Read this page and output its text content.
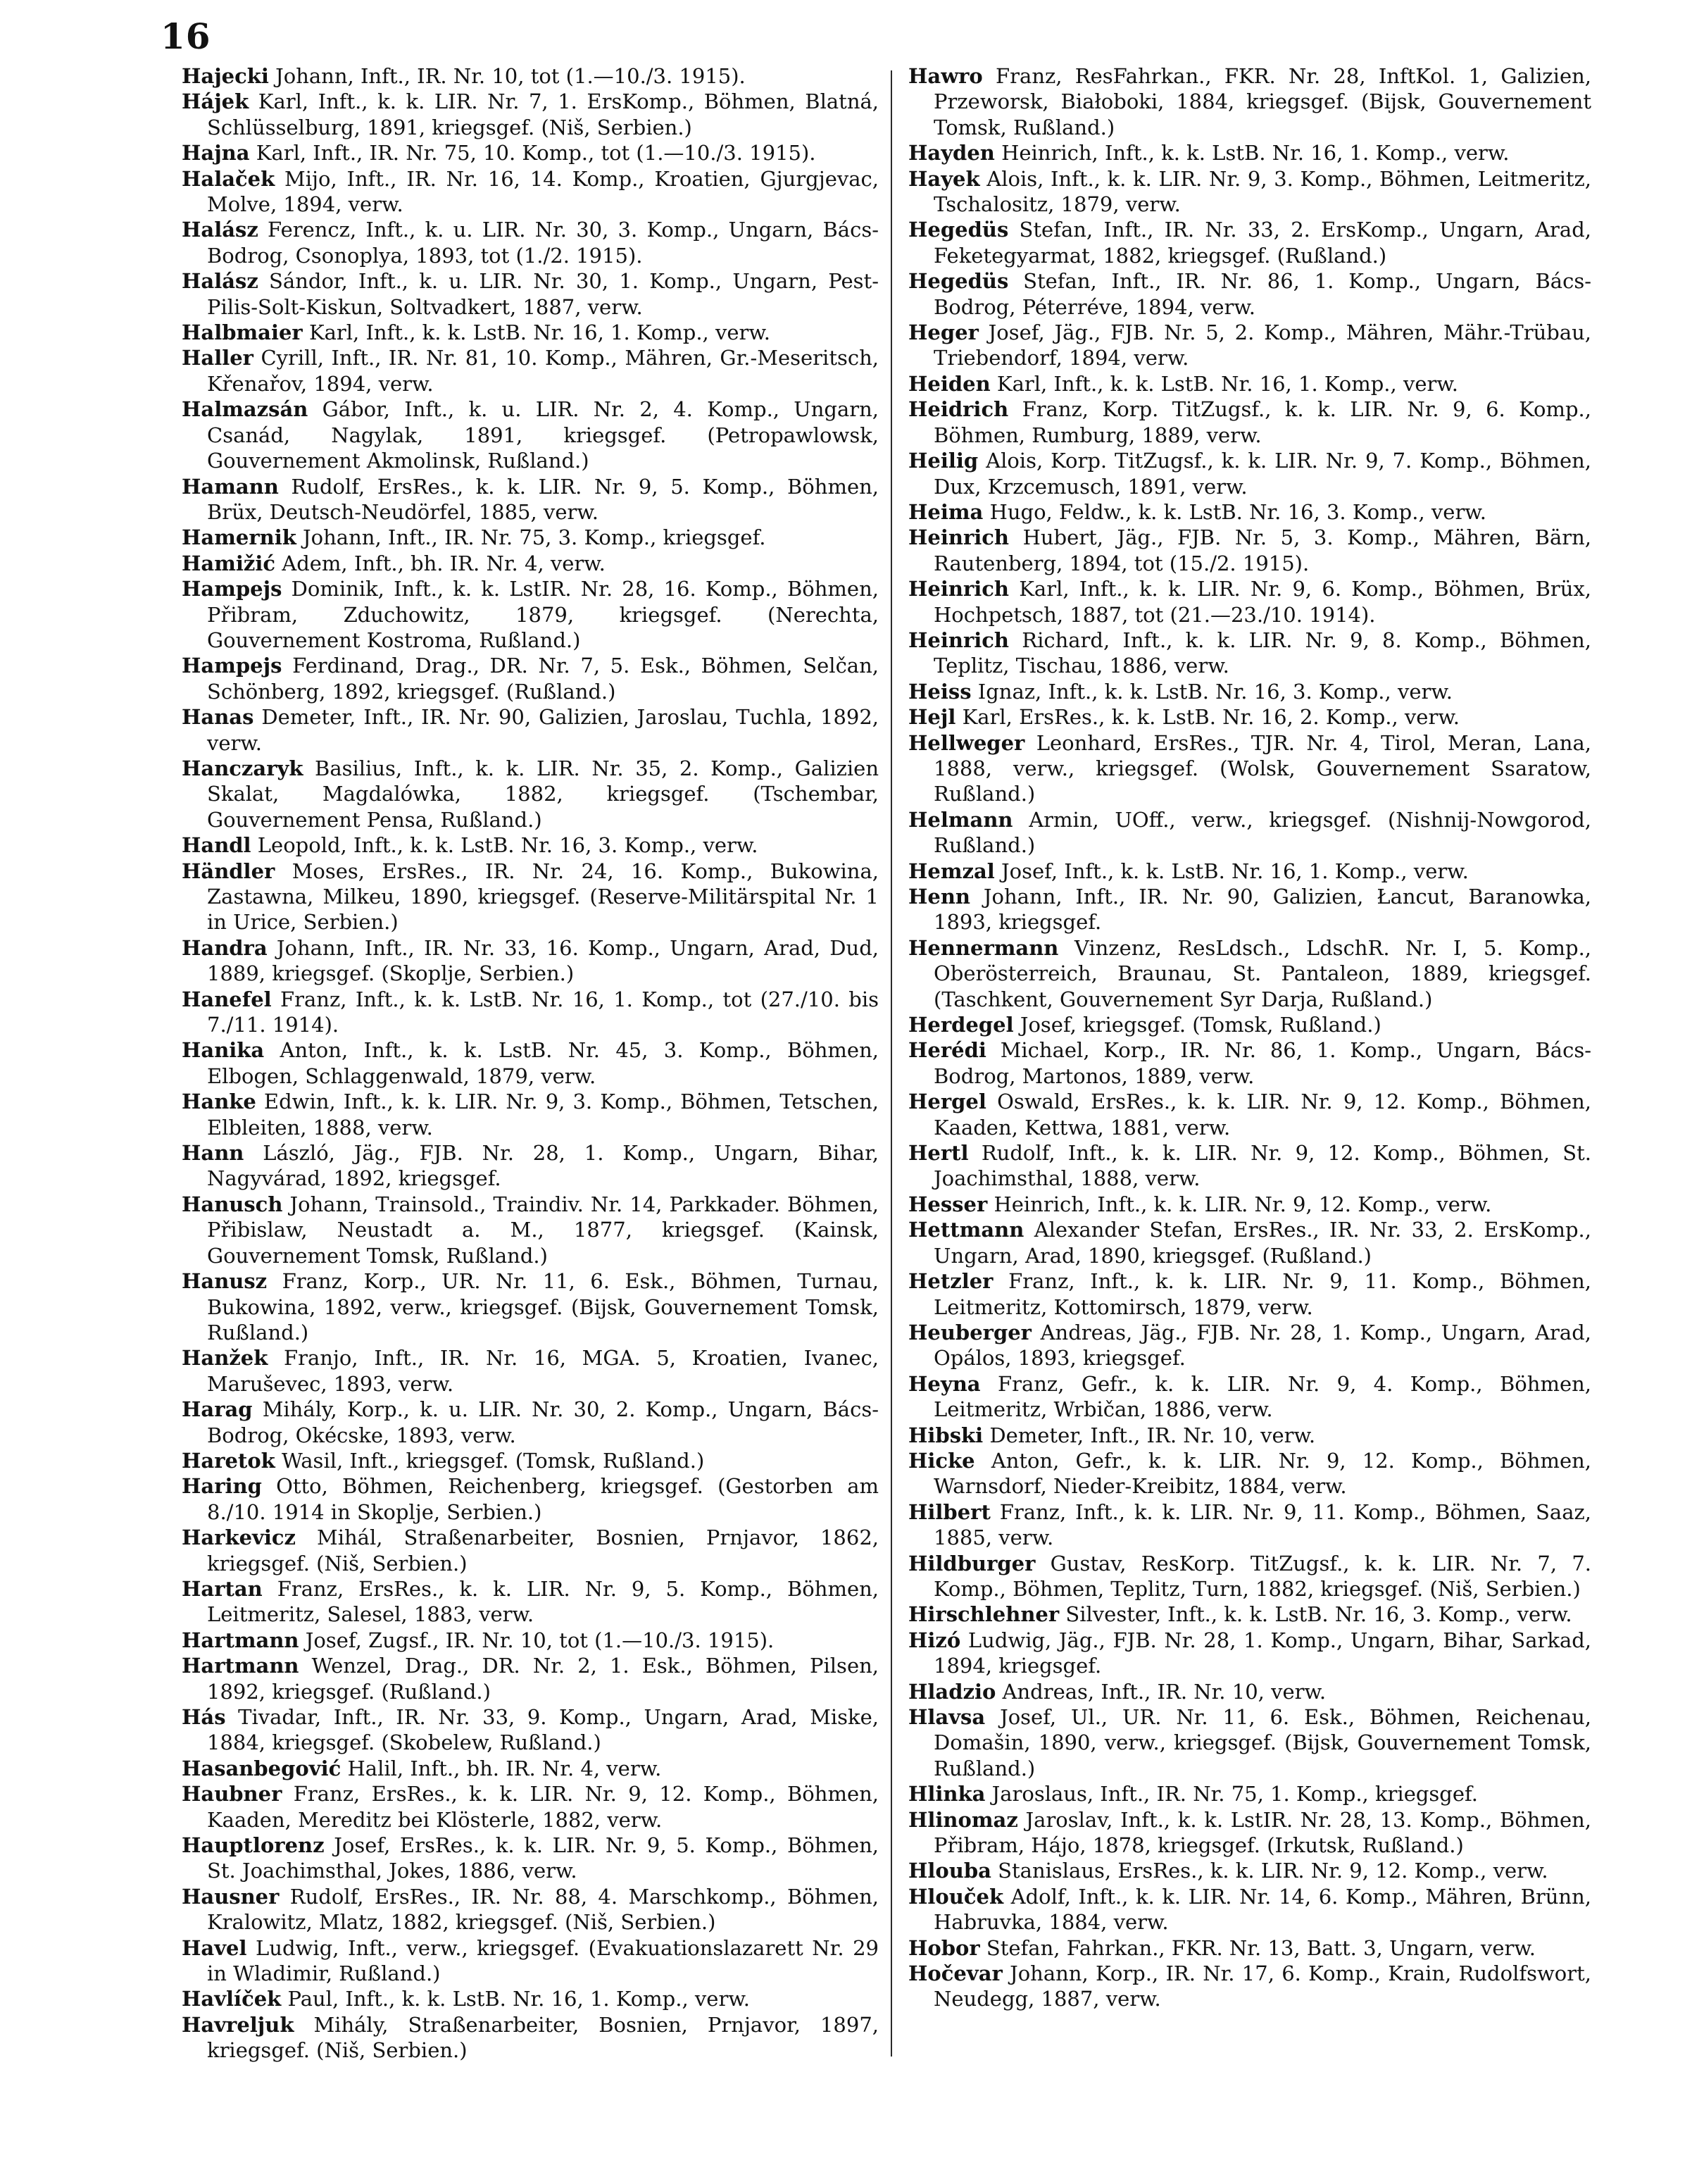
16
Hajecki Johann, Inft., IR. Nr. 10, tot (1.—10./3. 1915).
Hájek Karl, Inft., k. k. LIR. Nr. 7, 1. ErsKomp., Böhmen, Blatná, Schlüsselburg, 1891, kriegsgef. (Niš, Serbien.)
Hajna Karl, Inft., IR. Nr. 75, 10. Komp., tot (1.—10./3. 1915).
Halaček Mijo, Inft., IR. Nr. 16, 14. Komp., Kroatien, Gjurgjevac, Molve, 1894, verw.
Halász Ferencz, Inft., k. u. LIR. Nr. 30, 3. Komp., Ungarn, Bács-Bodrog, Csonoplya, 1893, tot (1./2. 1915).
Halász Sándor, Inft., k. u. LIR. Nr. 30, 1. Komp., Ungarn, Pest-Pilis-Solt-Kiskun, Soltvadkert, 1887, verw.
Halbmaier Karl, Inft., k. k. LstB. Nr. 16, 1. Komp., verw.
Haller Cyrill, Inft., IR. Nr. 81, 10. Komp., Mähren, Gr.-Meseritsch, Křenařov, 1894, verw.
Halmazsán Gábor, Inft., k. u. LIR. Nr. 2, 4. Komp., Ungarn, Csanád, Nagylak, 1891, kriegsgef. (Petropawlowsk, Gouvernement Akmolinsk, Rußland.)
Hamann Rudolf, ErsRes., k. k. LIR. Nr. 9, 5. Komp., Böhmen, Brüx, Deutsch-Neudörfel, 1885, verw.
Hamernik Johann, Inft., IR. Nr. 75, 3. Komp., kriegsgef.
Hamižić Adem, Inft., bh. IR. Nr. 4, verw.
Hampejs Dominik, Inft., k. k. LstIR. Nr. 28, 16. Komp., Böhmen, Přibram, Zduchowitz, 1879, kriegsgef. (Nerechta, Gouvernement Kostroma, Rußland.)
Hampejs Ferdinand, Drag., DR. Nr. 7, 5. Esk., Böhmen, Selčan, Schönberg, 1892, kriegsgef. (Rußland.)
Hanas Demeter, Inft., IR. Nr. 90, Galizien, Jaroslau, Tuchla, 1892, verw.
Hanczaryk Basilius, Inft., k. k. LIR. Nr. 35, 2. Komp., Galizien Skalat, Magdalówka, 1882, kriegsgef. (Tschembar, Gouvernement Pensa, Rußland.)
Handl Leopold, Inft., k. k. LstB. Nr. 16, 3. Komp., verw.
Händler Moses, ErsRes., IR. Nr. 24, 16. Komp., Bukowina, Zastawna, Milkeu, 1890, kriegsgef. (Reserve-Militärspital Nr. 1 in Urice, Serbien.)
Handra Johann, Inft., IR. Nr. 33, 16. Komp., Ungarn, Arad, Dud, 1889, kriegsgef. (Skoplje, Serbien.)
Hanefel Franz, Inft., k. k. LstB. Nr. 16, 1. Komp., tot (27./10. bis 7./11. 1914).
Hanika Anton, Inft., k. k. LstB. Nr. 45, 3. Komp., Böhmen, Elbogen, Schlaggenwald, 1879, verw.
Hanke Edwin, Inft., k. k. LIR. Nr. 9, 3. Komp., Böhmen, Tetschen, Elbleiten, 1888, verw.
Hann László, Jäg., FJB. Nr. 28, 1. Komp., Ungarn, Bihar, Nagyvárad, 1892, kriegsgef.
Hanusch Johann, Trainsold., Traindiv. Nr. 14, Parkkader. Böhmen, Přibislaw, Neustadt a. M., 1877, kriegsgef. (Kainsk, Gouvernement Tomsk, Rußland.)
Hanusz Franz, Korp., UR. Nr. 11, 6. Esk., Böhmen, Turnau, Bukowina, 1892, verw., kriegsgef. (Bijsk, Gouvernement Tomsk, Rußland.)
Hanžek Franjo, Inft., IR. Nr. 16, MGA. 5, Kroatien, Ivanec, Maruševec, 1893, verw.
Harag Mihály, Korp., k. u. LIR. Nr. 30, 2. Komp., Ungarn, Bács-Bodrog, Okécske, 1893, verw.
Haretok Wasil, Inft., kriegsgef. (Tomsk, Rußland.)
Haring Otto, Böhmen, Reichenberg, kriegsgef. (Gestorben am 8./10. 1914 in Skoplje, Serbien.)
Harkevicz Mihál, Straßenarbeiter, Bosnien, Prnjavor, 1862, kriegsgef. (Niš, Serbien.)
Hartan Franz, ErsRes., k. k. LIR. Nr. 9, 5. Komp., Böhmen, Leitmeritz, Salesel, 1883, verw.
Hartmann Josef, Zugsf., IR. Nr. 10, tot (1.—10./3. 1915).
Hartmann Wenzel, Drag., DR. Nr. 2, 1. Esk., Böhmen, Pilsen, 1892, kriegsgef. (Rußland.)
Hás Tivadar, Inft., IR. Nr. 33, 9. Komp., Ungarn, Arad, Miske, 1884, kriegsgef. (Skobelew, Rußland.)
Hasanbegović Halil, Inft., bh. IR. Nr. 4, verw.
Haubner Franz, ErsRes., k. k. LIR. Nr. 9, 12. Komp., Böhmen, Kaaden, Mereditz bei Klösterle, 1882, verw.
Hauptlorenz Josef, ErsRes., k. k. LIR. Nr. 9, 5. Komp., Böhmen, St. Joachimsthal, Jokes, 1886, verw.
Hausner Rudolf, ErsRes., IR. Nr. 88, 4. Marschkomp., Böhmen, Kralowitz, Mlatz, 1882, kriegsgef. (Niš, Serbien.)
Havel Ludwig, Inft., verw., kriegsgef. (Evakuationslazarett Nr. 29 in Wladimir, Rußland.)
Havlíček Paul, Inft., k. k. LstB. Nr. 16, 1. Komp., verw.
Havreljuk Mihály, Straßenarbeiter, Bosnien, Prnjavor, 1897, kriegsgef. (Niš, Serbien.)
Hawro Franz, ResFahrkan., FKR. Nr. 28, InftKol. 1, Galizien, Przeworsk, Białoboki, 1884, kriegsgef. (Bijsk, Gouvernement Tomsk, Rußland.)
Hayden Heinrich, Inft., k. k. LstB. Nr. 16, 1. Komp., verw.
Hayek Alois, Inft., k. k. LIR. Nr. 9, 3. Komp., Böhmen, Leitmeritz, Tschalositz, 1879, verw.
Hegedüs Stefan, Inft., IR. Nr. 33, 2. ErsKomp., Ungarn, Arad, Feketegyarmat, 1882, kriegsgef. (Rußland.)
Hegedüs Stefan, Inft., IR. Nr. 86, 1. Komp., Ungarn, Bács-Bodrog, Péterréve, 1894, verw.
Heger Josef, Jäg., FJB. Nr. 5, 2. Komp., Mähren, Mähr.-Trübau, Triebendorf, 1894, verw.
Heiden Karl, Inft., k. k. LstB. Nr. 16, 1. Komp., verw.
Heidrich Franz, Korp. TitZugsf., k. k. LIR. Nr. 9, 6. Komp., Böhmen, Rumburg, 1889, verw.
Heilig Alois, Korp. TitZugsf., k. k. LIR. Nr. 9, 7. Komp., Böhmen, Dux, Krzcemusch, 1891, verw.
Heima Hugo, Feldw., k. k. LstB. Nr. 16, 3. Komp., verw.
Heinrich Hubert, Jäg., FJB. Nr. 5, 3. Komp., Mähren, Bärn, Rautenberg, 1894, tot (15./2. 1915).
Heinrich Karl, Inft., k. k. LIR. Nr. 9, 6. Komp., Böhmen, Brüx, Hochpetsch, 1887, tot (21.—23./10. 1914).
Heinrich Richard, Inft., k. k. LIR. Nr. 9, 8. Komp., Böhmen, Teplitz, Tischau, 1886, verw.
Heiss Ignaz, Inft., k. k. LstB. Nr. 16, 3. Komp., verw.
Hejl Karl, ErsRes., k. k. LstB. Nr. 16, 2. Komp., verw.
Hellweger Leonhard, ErsRes., TJR. Nr. 4, Tirol, Meran, Lana, 1888, verw., kriegsgef. (Wolsk, Gouvernement Ssaratow, Rußland.)
Helmann Armin, UOff., verw., kriegsgef. (Nishnij-Nowgorod, Rußland.)
Hemzal Josef, Inft., k. k. LstB. Nr. 16, 1. Komp., verw.
Henn Johann, Inft., IR. Nr. 90, Galizien, Łancut, Baranowka, 1893, kriegsgef.
Hennermann Vinzenz, ResLdsch., LdschR. Nr. I, 5. Komp., Oberösterreich, Braunau, St. Pantaleon, 1889, kriegsgef. (Taschkent, Gouvernement Syr Darja, Rußland.)
Herdegel Josef, kriegsgef. (Tomsk, Rußland.)
Herédi Michael, Korp., IR. Nr. 86, 1. Komp., Ungarn, Bács-Bodrog, Martonos, 1889, verw.
Hergel Oswald, ErsRes., k. k. LIR. Nr. 9, 12. Komp., Böhmen, Kaaden, Kettwa, 1881, verw.
Hertl Rudolf, Inft., k. k. LIR. Nr. 9, 12. Komp., Böhmen, St. Joachimsthal, 1888, verw.
Hesser Heinrich, Inft., k. k. LIR. Nr. 9, 12. Komp., verw.
Hettmann Alexander Stefan, ErsRes., IR. Nr. 33, 2. ErsKomp., Ungarn, Arad, 1890, kriegsgef. (Rußland.)
Hetzler Franz, Inft., k. k. LIR. Nr. 9, 11. Komp., Böhmen, Leitmeritz, Kottomirsch, 1879, verw.
Heuberger Andreas, Jäg., FJB. Nr. 28, 1. Komp., Ungarn, Arad, Opálos, 1893, kriegsgef.
Heyna Franz, Gefr., k. k. LIR. Nr. 9, 4. Komp., Böhmen, Leitmeritz, Wrbičan, 1886, verw.
Hibski Demeter, Inft., IR. Nr. 10, verw.
Hicke Anton, Gefr., k. k. LIR. Nr. 9, 12. Komp., Böhmen, Warnsdorf, Nieder-Kreibitz, 1884, verw.
Hilbert Franz, Inft., k. k. LIR. Nr. 9, 11. Komp., Böhmen, Saaz, 1885, verw.
Hildburger Gustav, ResKorp. TitZugsf., k. k. LIR. Nr. 7, 7. Komp., Böhmen, Teplitz, Turn, 1882, kriegsgef. (Niš, Serbien.)
Hirschlehner Silvester, Inft., k. k. LstB. Nr. 16, 3. Komp., verw.
Hizó Ludwig, Jäg., FJB. Nr. 28, 1. Komp., Ungarn, Bihar, Sarkad, 1894, kriegsgef.
Hladzio Andreas, Inft., IR. Nr. 10, verw.
Hlavsa Josef, Ul., UR. Nr. 11, 6. Esk., Böhmen, Reichenau, Domašin, 1890, verw., kriegsgef. (Bijsk, Gouvernement Tomsk, Rußland.)
Hlinka Jaroslaus, Inft., IR. Nr. 75, 1. Komp., kriegsgef.
Hlinomaz Jaroslav, Inft., k. k. LstIR. Nr. 28, 13. Komp., Böhmen, Přibram, Hájo, 1878, kriegsgef. (Irkutsk, Rußland.)
Hlouba Stanislaus, ErsRes., k. k. LIR. Nr. 9, 12. Komp., verw.
Hlouček Adolf, Inft., k. k. LIR. Nr. 14, 6. Komp., Mähren, Brünn, Habruvka, 1884, verw.
Hobor Stefan, Fahrkan., FKR. Nr. 13, Batt. 3, Ungarn, verw.
Hočevar Johann, Korp., IR. Nr. 17, 6. Komp., Krain, Rudolfswort, Neudegg, 1887, verw.
